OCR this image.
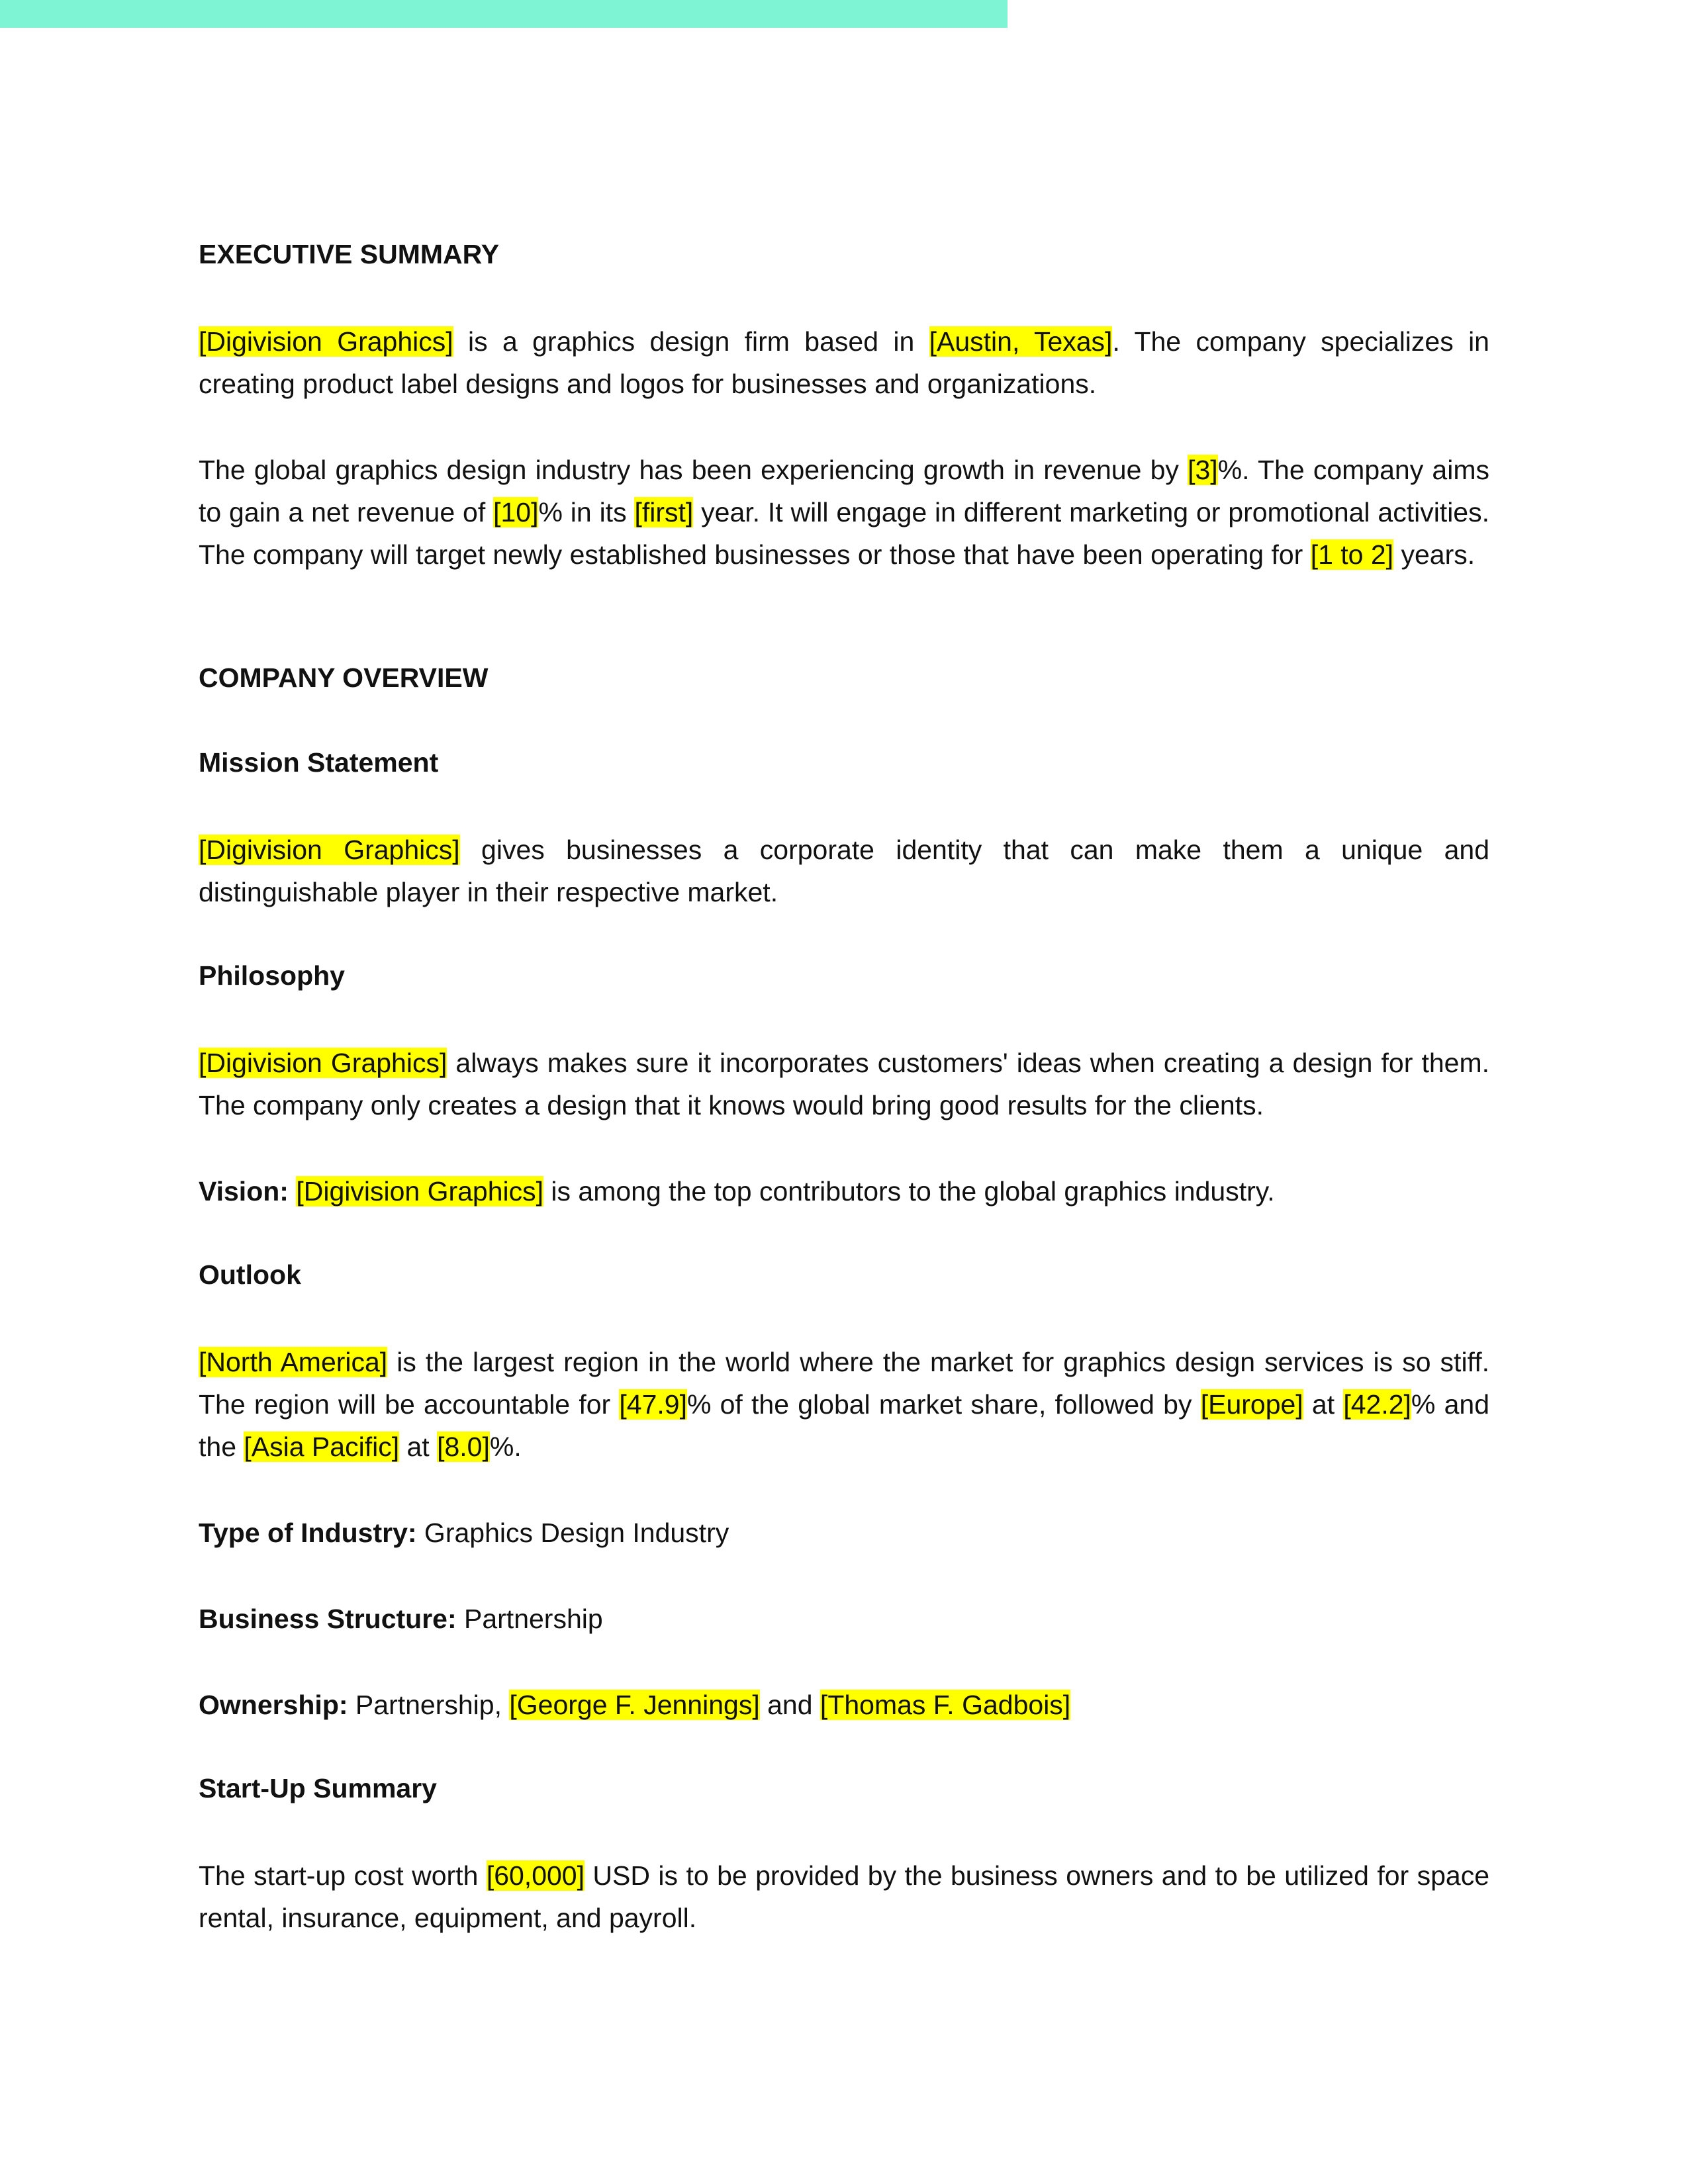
EXECUTIVE SUMMARY

[Digivision Graphics] is a graphics design firm based in [Austin, Texas]. The company specializes in creating product label designs and logos for businesses and organizations.

The global graphics design industry has been experiencing growth in revenue by [3]%. The company aims to gain a net revenue of [10]% in its [first] year. It will engage in different marketing or promotional activities. The company will target newly established businesses or those that have been operating for [1 to 2] years.

COMPANY OVERVIEW
Mission Statement

[Digivision Graphics] gives businesses a corporate identity that can make them a unique and distinguishable player in their respective market.

Philosophy

[Digivision Graphics] always makes sure it incorporates customers' ideas when creating a design for them. The company only creates a design that it knows would bring good results for the clients.

Vision: [Digivision Graphics] is among the top contributors to the global graphics industry.

Outlook

[North America] is the largest region in the world where the market for graphics design services is so stiff. The region will be accountable for [47.9]% of the global market share, followed by [Europe] at [42.2]% and the [Asia Pacific] at [8.0]%.

Type of Industry: Graphics Design Industry

Business Structure: Partnership

Ownership: Partnership, [George F. Jennings] and [Thomas F. Gadbois]

Start-Up Summary

The start-up cost worth [60,000] USD is to be provided by the business owners and to be utilized for space rental, insurance, equipment, and payroll.
